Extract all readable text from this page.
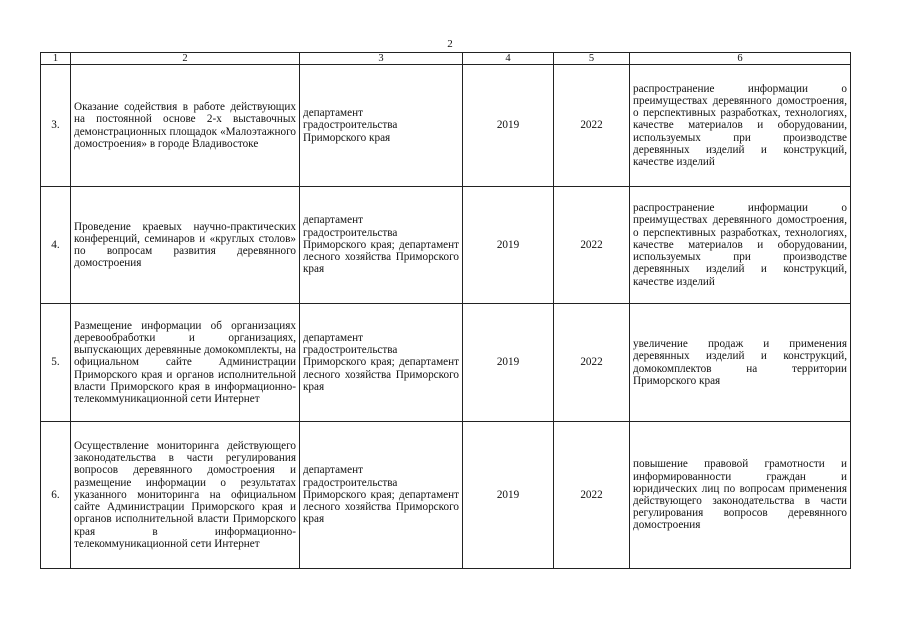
2
1	2	3	4	5	6
3.	Оказание содействия в работе действующих на постоянной основе 2-х выставочных демонстрационных площадок «Малоэтажного домостроения» в городе Владивостоке	департамент градостроительства Приморского края	2019	2022	распространение информации о преимуществах деревянного домостроения, о перспективных разработках, технологиях, качестве материалов и оборудовании, используемых при производстве деревянных изделий и конструкций, качестве изделий
4.	Проведение краевых научно-практических конференций, семинаров и «круглых столов» по вопросам развития деревянного домостроения	департамент градостроительства Приморского края; департамент лесного хозяйства Приморского края	2019	2022	распространение информации о преимуществах деревянного домостроения, о перспективных разработках, технологиях, качестве материалов и оборудовании, используемых при производстве деревянных изделий и конструкций, качестве изделий
5.	Размещение информации об организациях деревообработки и организациях, выпускающих деревянные домокомплекты, на официальном сайте Администрации Приморского края и органов исполнительной власти Приморского края в информационно-телекоммуникационной сети Интернет	департамент градостроительства Приморского края; департамент лесного хозяйства Приморского края	2019	2022	увеличение продаж и применения деревянных изделий и конструкций, домокомплектов на территории Приморского края
6.	Осуществление мониторинга действующего законодательства в части регулирования вопросов деревянного домостроения и размещение информации о результатах указанного мониторинга на официальном сайте Администрации Приморского края и органов исполнительной власти Приморского края в информационно-телекоммуникационной сети Интернет	департамент градостроительства Приморского края; департамент лесного хозяйства Приморского края	2019	2022	повышение правовой грамотности и информированности граждан и юридических лиц по вопросам применения действующего законодательства в части регулирования вопросов деревянного домостроения
